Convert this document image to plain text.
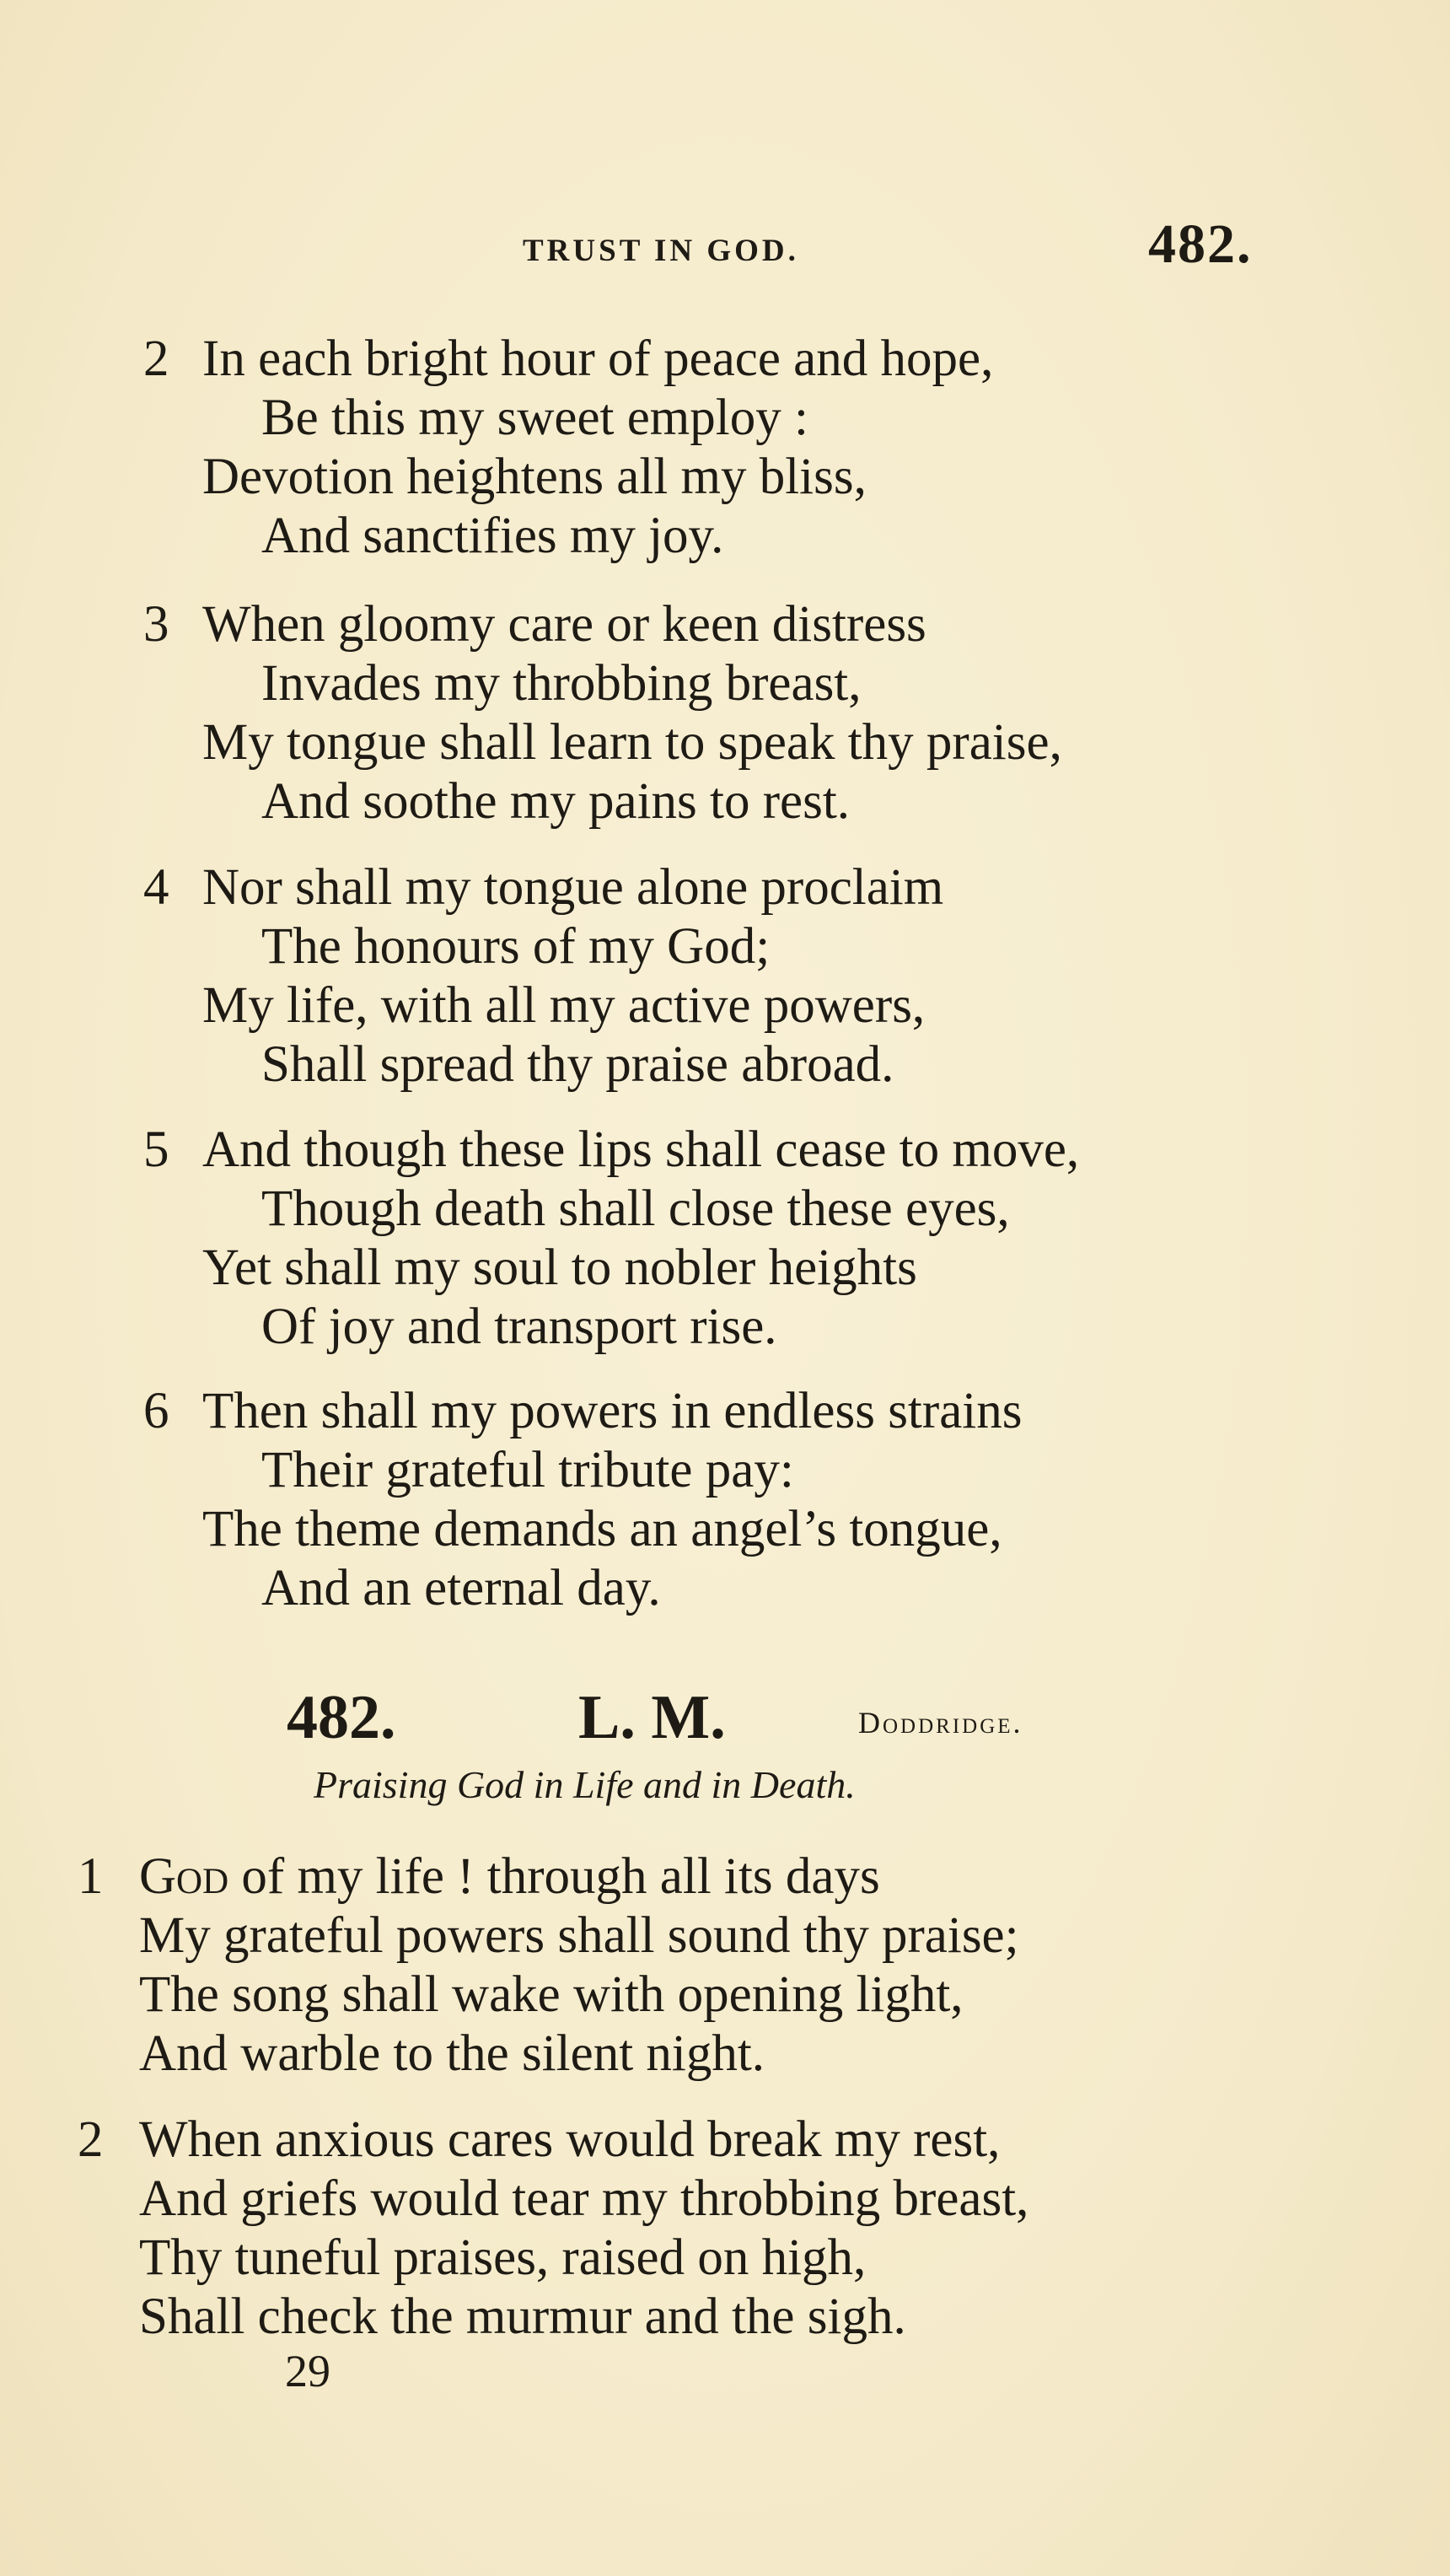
TRUST IN GOD.	482.
2 In each bright hour of peace and hope,
Be this my sweet employ :
Devotion heightens all my bliss,
And sanctifies my joy.
3 When gloomy care or keen distress
Invades my throbbing breast,
My tongue shall learn to speak thy praise,
And soothe my pains to rest.
4 Nor shall my tongue alone proclaim
The honours of my God;
My life, with all my active powers,
Shall spread thy praise abroad.
5 And though these lips shall cease to move,
Though death shall close these eyes,
Yet shall my soul to nobler heights
Of joy and transport rise.
6 Then shall my powers in endless strains
Their grateful tribute pay:
The theme demands an angel’s tongue,
And an eternal day.
482.	L. M.	Doddridge.
Praising God in Life and in Death.
1 God of my life ! through all its days
My grateful powers shall sound thy praise;
The song shall wake with opening light,
And warble to the silent night.
2 When anxious cares would break my rest,
And griefs would tear my throbbing breast,
Thy tuneful praises, raised on high,
Shall check the murmur and the sigh.
29
